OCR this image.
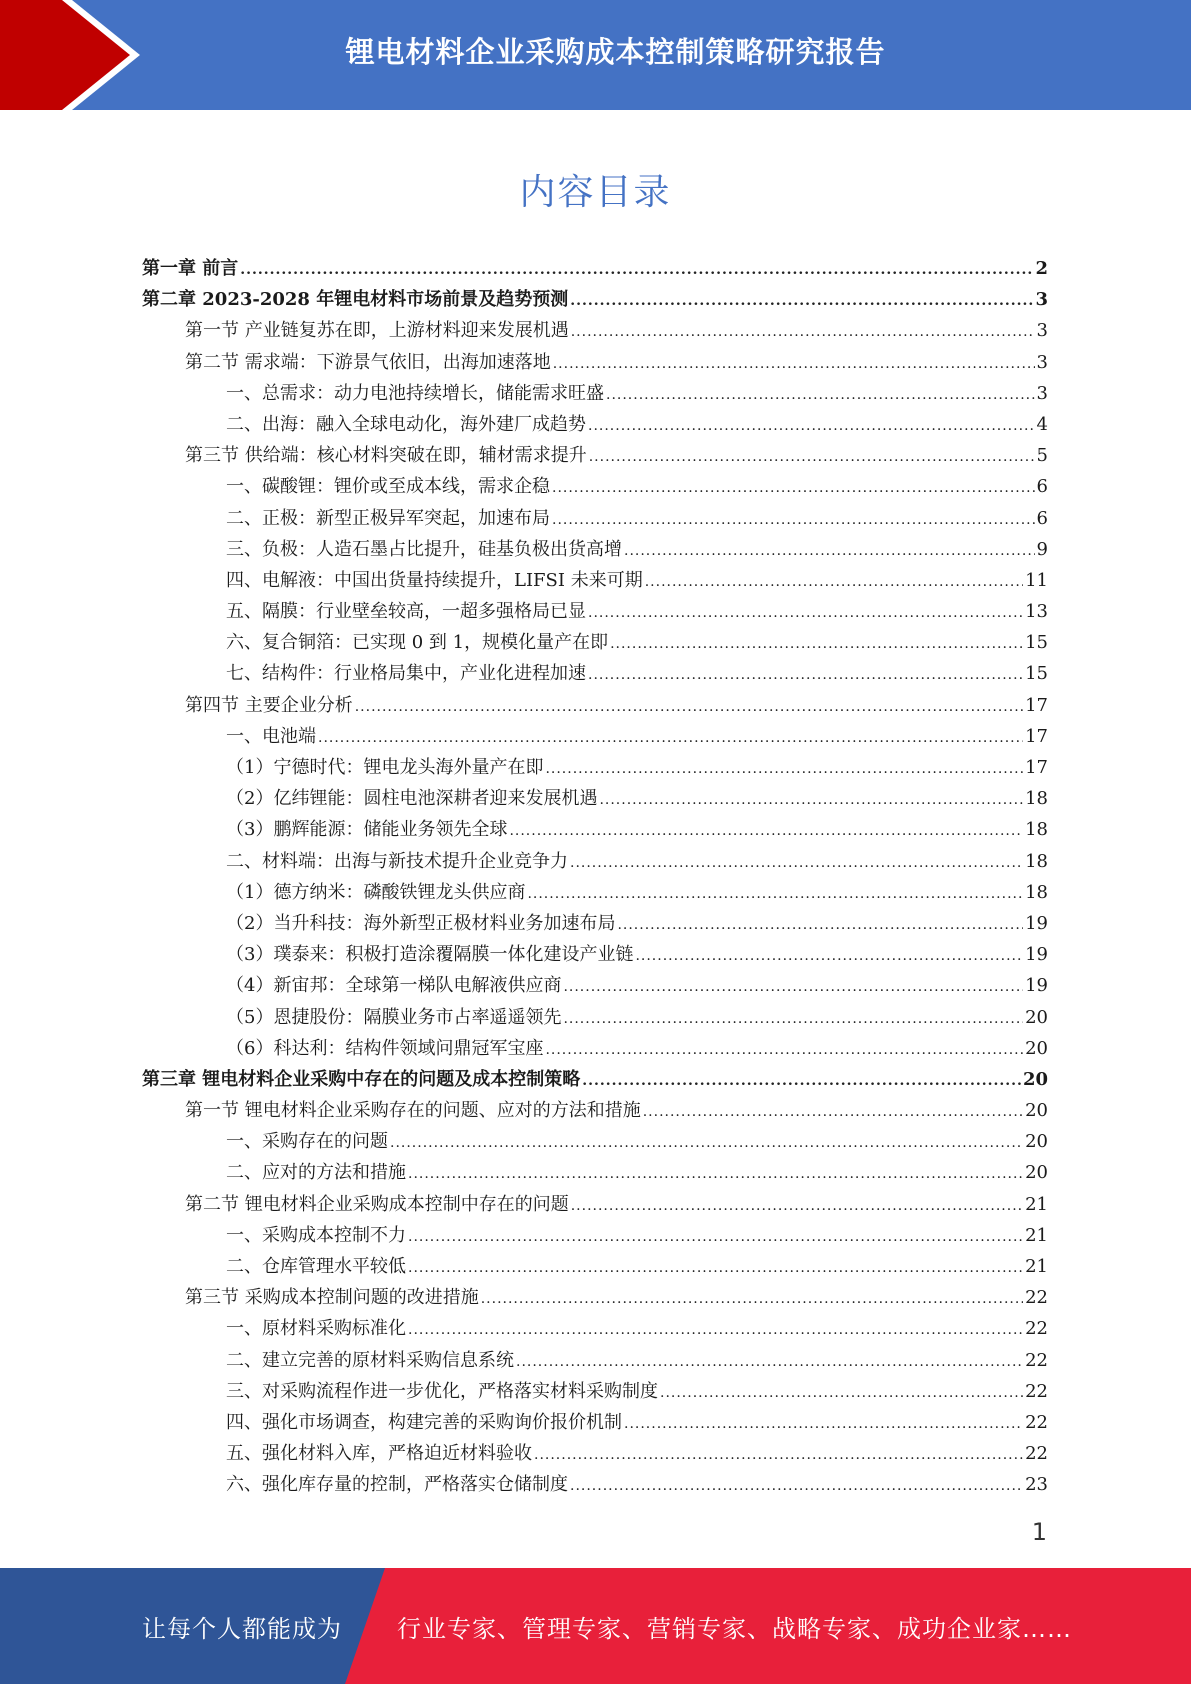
锂电材料企业采购成本控制策略研究报告
内容目录
第一章 前言 .....	2
第二章 2023-2028 年锂电材料市场前景及趋势预测 .....	3
第一节 产业链复苏在即，上游材料迎来发展机遇 .....	3
第二节 需求端：下游景气依旧，出海加速落地 .....	3
一、总需求：动力电池持续增长，储能需求旺盛 .....	3
二、出海：融入全球电动化，海外建厂成趋势 .....	4
第三节 供给端：核心材料突破在即，辅材需求提升 .....	5
一、碳酸锂：锂价或至成本线，需求企稳 .....	6
二、正极：新型正极异军突起，加速布局 .....	6
三、负极：人造石墨占比提升，硅基负极出货高增 .....	9
四、电解液：中国出货量持续提升，LIFSI 未来可期 .....	11
五、隔膜：行业壁垒较高，一超多强格局已显 .....	13
六、复合铜箔：已实现 0 到 1，规模化量产在即 .....	15
七、结构件：行业格局集中，产业化进程加速 .....	15
第四节 主要企业分析 .....	17
一、电池端 .....	17
（1）宁德时代：锂电龙头海外量产在即 .....	17
（2）亿纬锂能：圆柱电池深耕者迎来发展机遇 .....	18
（3）鹏辉能源：储能业务领先全球 .....	18
二、材料端：出海与新技术提升企业竞争力 .....	18
（1）德方纳米：磷酸铁锂龙头供应商 .....	18
（2）当升科技：海外新型正极材料业务加速布局 .....	19
（3）璞泰来：积极打造涂覆隔膜一体化建设产业链 .....	19
（4）新宙邦：全球第一梯队电解液供应商 .....	19
（5）恩捷股份：隔膜业务市占率遥遥领先 .....	20
（6）科达利：结构件领域问鼎冠军宝座 .....	20
第三章 锂电材料企业采购中存在的问题及成本控制策略 .....	20
第一节 锂电材料企业采购存在的问题、应对的方法和措施 .....	20
一、采购存在的问题 .....	20
二、应对的方法和措施 .....	20
第二节 锂电材料企业采购成本控制中存在的问题 .....	21
一、采购成本控制不力 .....	21
二、仓库管理水平较低 .....	21
第三节 采购成本控制问题的改进措施 .....	22
一、原材料采购标准化 .....	22
二、建立完善的原材料采购信息系统 .....	22
三、对采购流程作进一步优化，严格落实材料采购制度 .....	22
四、强化市场调查，构建完善的采购询价报价机制 .....	22
五、强化材料入库，严格迫近材料验收 .....	22
六、强化库存量的控制，严格落实仓储制度 .....	23
1
让每个人都能成为 行业专家、管理专家、营销专家、战略专家、成功企业家……
